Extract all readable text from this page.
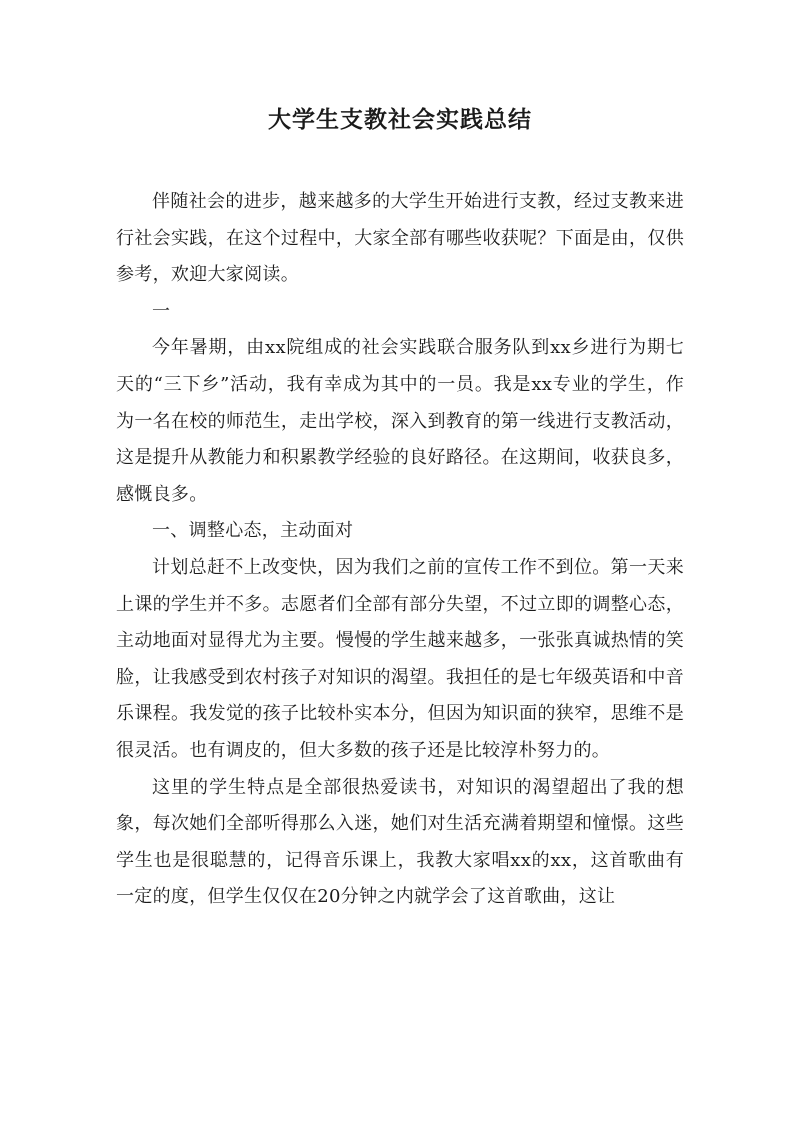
大学生支教社会实践总结

伴随社会的进步，越来越多的大学生开始进行支教，经过支教来进行社会实践，在这个过程中，大家全部有哪些收获呢？下面是由，仅供参考，欢迎大家阅读。

一

今年暑期，由xx院组成的社会实践联合服务队到xx乡进行为期七天的“三下乡”活动，我有幸成为其中的一员。我是xx专业的学生，作为一名在校的师范生，走出学校，深入到教育的第一线进行支教活动，这是提升从教能力和积累教学经验的良好路径。在这期间，收获良多，感慨良多。

一、调整心态，主动面对

计划总赶不上改变快，因为我们之前的宣传工作不到位。第一天来上课的学生并不多。志愿者们全部有部分失望，不过立即的调整心态，主动地面对显得尤为主要。慢慢的学生越来越多，一张张真诚热情的笑脸，让我感受到农村孩子对知识的渴望。我担任的是七年级英语和中音乐课程。我发觉的孩子比较朴实本分，但因为知识面的狭窄，思维不是很灵活。也有调皮的，但大多数的孩子还是比较淳朴努力的。

这里的学生特点是全部很热爱读书，对知识的渴望超出了我的想象，每次她们全部听得那么入迷，她们对生活充满着期望和憧憬。这些学生也是很聪慧的，记得音乐课上，我教大家唱xx的xx，这首歌曲有一定的度，但学生仅仅在20分钟之内就学会了这首歌曲，这让
